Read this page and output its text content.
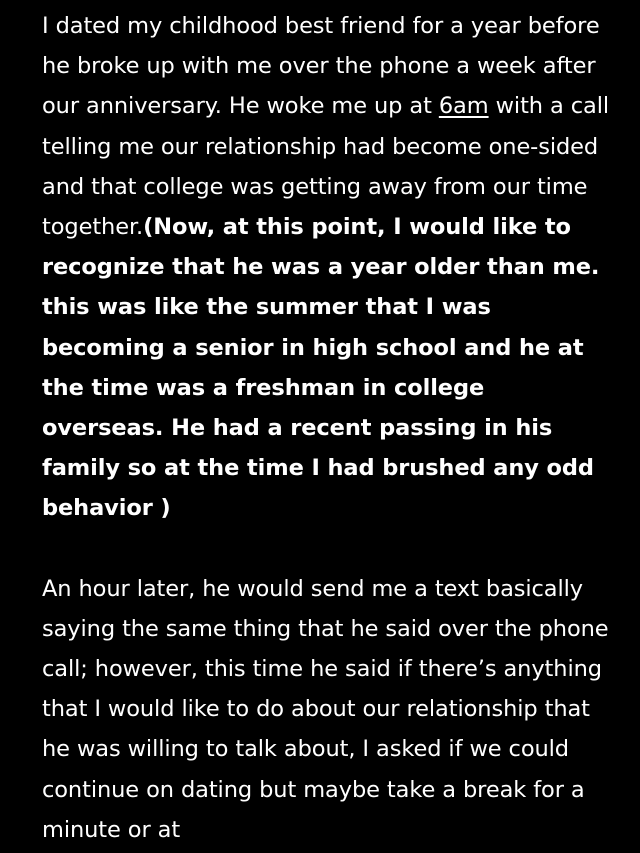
I dated my childhood best friend for a year before he broke up with me over the phone a week after our anniversary. He woke me up at 6am with a call telling me our relationship had become one-sided and that college was getting away from our time together.(Now, at this point, I would like to recognize that he was a year older than me. this was like the summer that I was becoming a senior in high school and he at the time was a freshman in college overseas. He had a recent passing in his family so at the time I had brushed any odd behavior )

An hour later, he would send me a text basically saying the same thing that he said over the phone call; however, this time he said if there’s anything that I would like to do about our relationship that he was willing to talk about, I asked if we could continue on dating but maybe take a break for a minute or at
